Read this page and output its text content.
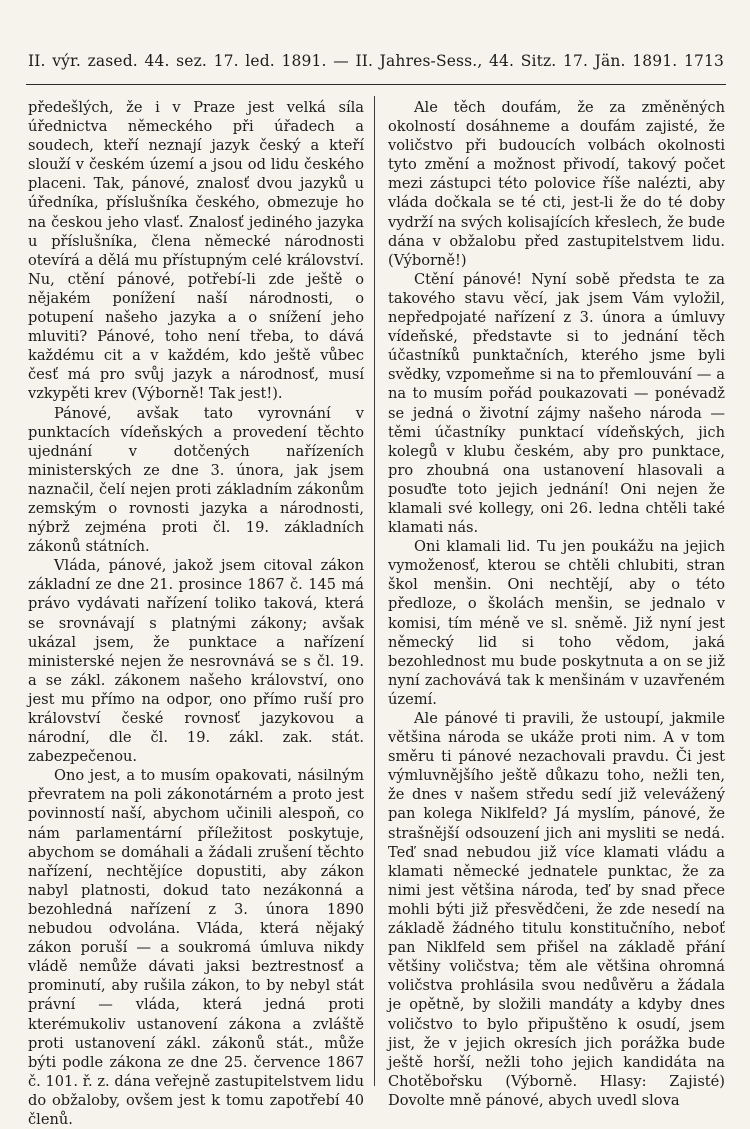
II. výr. zased. 44. sez. 17. led. 1891. — II. Jahres-Sess., 44. Sitz. 17. Jän. 1891. 1713

předešlých, že i v Praze jest velká síla úřednictva německého při úřadech a soudech, kteří neznají jazyk český a kteří slouží v českém území a jsou od lidu českého placeni. Tak, pánové, znalosť dvou jazyků u úředníka, příslušníka českého, obmezuje ho na českou jeho vlasť. Znalosť jediného jazyka u příslušníka, člena německé národnosti otevírá a dělá mu přístupným celé království. Nu, ctění pánové, potřebí-li zde ještě o nějakém ponížení naší národnosti, o potupení našeho jazyka a o snížení jeho mluviti? Pánové, toho není třeba, to dává každému cit a v každém, kdo ještě vůbec česť má pro svůj jazyk a národnosť, musí vzkypěti krev (Výborně! Tak jest!).

Pánové, avšak tato vyrovnání v punktacích vídeňských a provedení těchto ujednání v dotčených nařízeních ministerských ze dne 3. února, jak jsem naznačil, čelí nejen proti základním zákonům zemským o rovnosti jazyka a národnosti, nýbrž zejména proti čl. 19. základních zákonů státních.

Vláda, pánové, jakož jsem citoval zákon základní ze dne 21. prosince 1867 č. 145 má právo vydávati nařízení toliko taková, která se srovnávají s platnými zákony; avšak ukázal jsem, že punktace a nařízení ministerské nejen že nesrovnává se s čl. 19. a se zákl. zákonem našeho království, ono jest mu přímo na odpor, ono přímo ruší pro království české rovnosť jazykovou a národní, dle čl. 19. zákl. zak. stát. zabezpečenou.

Ono jest, a to musím opakovati, násilným převratem na poli zákonotárném a proto jest povinností naší, abychom učinili alespoň, co nám parlamentární příležitost poskytuje, abychom se domáhali a žádali zrušení těchto nařízení, nechtějíce dopustiti, aby zákon nabyl platnosti, dokud tato nezákonná a bezohledná nařízení z 3. února 1890 nebudou odvolána. Vláda, která nějaký zákon poruší — a soukromá úmluva nikdy vládě nemůže dávati jaksi beztrestnosť a prominutí, aby rušila zákon, to by nebyl stát právní — vláda, která jedná proti kterémukoliv ustanovení zákona a zvláště proti ustanovení zákl. zákonů stát., může býti podle zákona ze dne 25. července 1867 č. 101. ř. z. dána veřejně zastupitelstvem lidu do obžaloby, ovšem jest k tomu zapotřebí 40 členů.

Ale těch doufám, že za změněných okolností dosáhneme a doufám zajisté, že voličstvo při budoucích volbách okolnosti tyto změní a možnost přivodí, takový počet mezi zástupci této polovice říše nalézti, aby vláda dočkala se té cti, jest-li že do té doby vydrží na svých kolisajících křeslech, že bude dána v obžalobu před zastupitelstvem lidu. (Výborně!)

Ctění pánové! Nyní sobě předsta te za takového stavu věcí, jak jsem Vám vyložil, nepředpojaté nařízení z 3. února a úmluvy vídeňské, představte si to jednání těch účastníků punktačních, kterého jsme byli svědky, vzpomeňme si na to přemlouvání — a na to musím pořád poukazovati — ponévadž se jedná o životní zájmy našeho národa — těmi účastníky punktací vídeňských, jich kolegů v klubu českém, aby pro punktace, pro zhoubná ona ustanovení hlasovali a posuďte toto jejich jednání! Oni nejen že klamali své kollegy, oni 26. ledna chtěli také klamati nás.

Oni klamali lid. Tu jen poukážu na jejich vymoženosť, kterou se chtěli chlubiti, stran škol menšin. Oni nechtějí, aby o této předloze, o školách menšin, se jednalo v komisi, tím méně ve sl. sněmě. Již nyní jest německý lid si toho vědom, jaká bezohlednost mu bude poskytnuta a on se již nyní zachovává tak k menšinám v uzavřeném území.

Ale pánové ti pravili, že ustoupí, jakmile většina národa se ukáže proti nim. A v tom směru ti pánové nezachovali pravdu. Či jest výmluvnějšího ještě důkazu toho, nežli ten, že dnes v našem středu sedí již velevážený pan kolega Niklfeld? Já myslím, pánové, že strašnější odsouzení jich ani mysliti se nedá. Teď snad nebudou již více klamati vládu a klamati německé jednatele punktac, že za nimi jest většina národa, teď by snad přece mohli býti již přesvědčeni, že zde nesedí na základě žádného titulu konstitučního, neboť pan Niklfeld sem přišel na základě přání většiny voličstva; těm ale většina ohromná voličstva prohlásila svou nedůvěru a žádala je opětně, by složili mandáty a kdyby dnes voličstvo to bylo připuštěno k osudí, jsem jist, že v jejich okresích jich porážka bude ještě horší, nežli toho jejich kandidáta na Chotěbořsku (Výborně. Hlasy: Zajisté) Dovolte mně pánové, abych uvedl slova
